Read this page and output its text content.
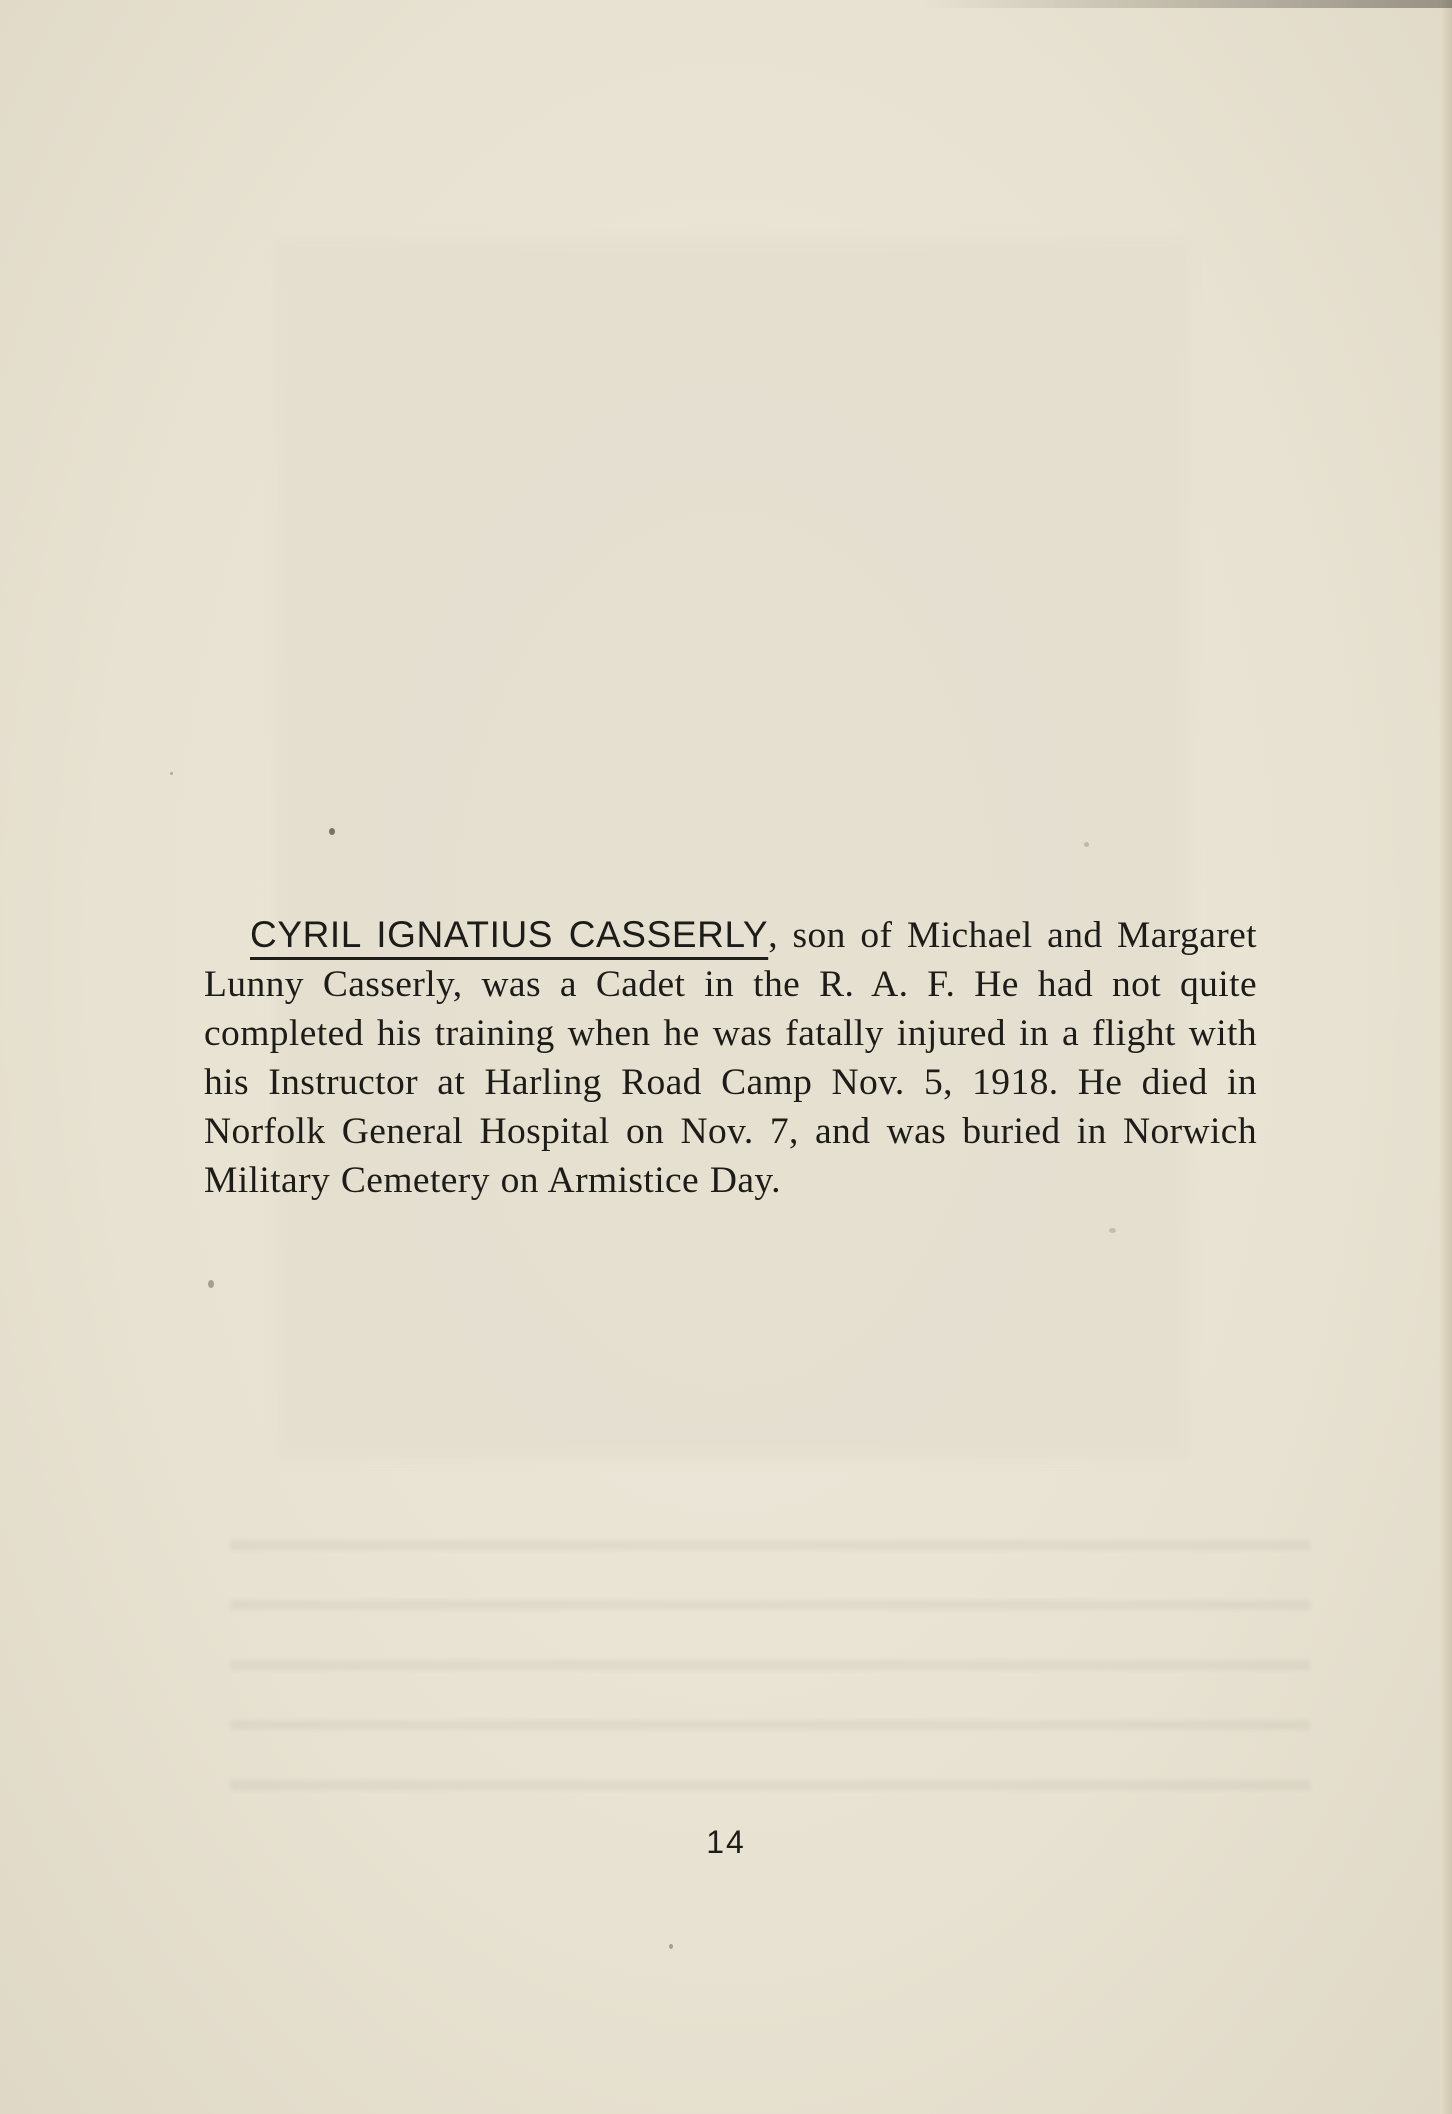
CYRIL IGNATIUS CASSERLY, son of Michael and Margaret Lunny Casserly, was a Cadet in the R. A. F. He had not quite completed his training when he was fatally injured in a flight with his Instructor at Harling Road Camp Nov. 5, 1918. He died in Norfolk General Hospital on Nov. 7, and was buried in Norwich Military Cemetery on Armistice Day.

14
